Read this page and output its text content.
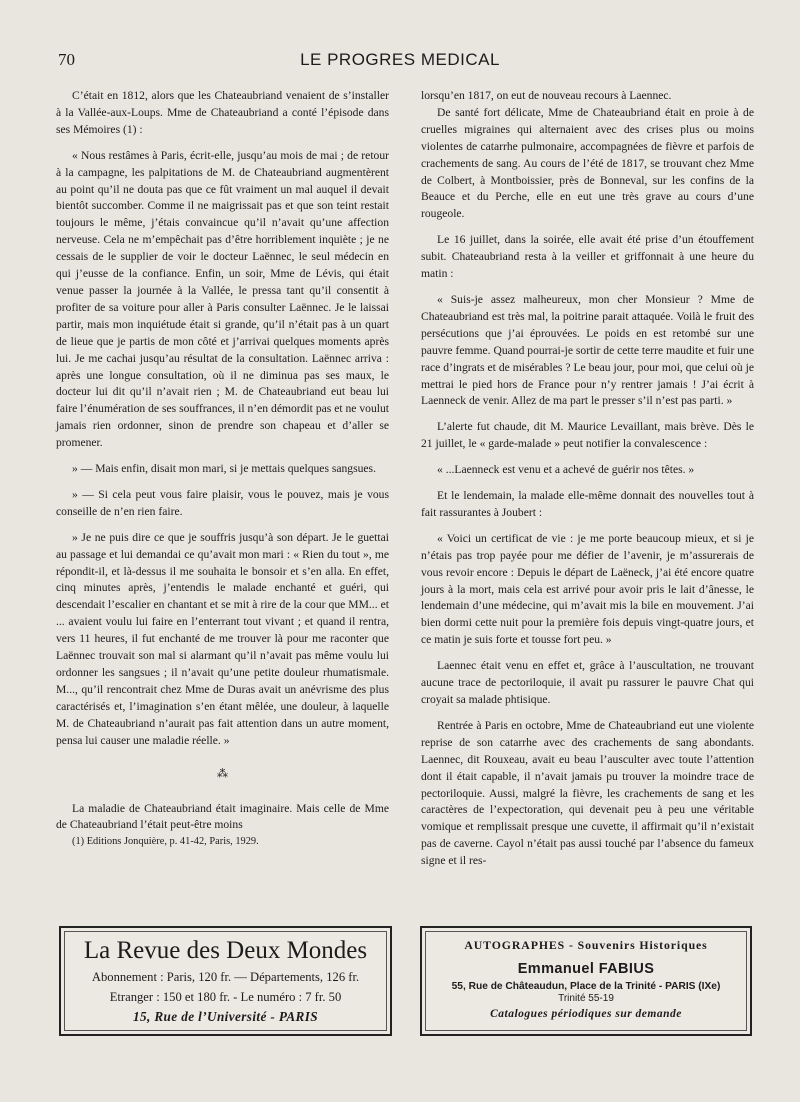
70	LE PROGRES MEDICAL

C’était en 1812, alors que les Chateaubriand venaient de s’installer à la Vallée-aux-Loups. Mme de Chateaubriand a conté l’épisode dans ses Mémoires (1) :

« Nous restâmes à Paris, écrit-elle, jusqu’au mois de mai ; de retour à la campagne, les palpitations de M. de Chateaubriand augmentèrent au point qu’il ne douta pas que ce fût vraiment un mal auquel il devait bientôt succomber. Comme il ne maigrissait pas et que son teint restait toujours le même, j’étais convaincue qu’il n’avait qu’une affection nerveuse. Cela ne m’empêchait pas d’être horriblement inquiète ; je ne cessais de le supplier de voir le docteur Laënnec, le seul médecin en qui j’eusse de la confiance. Enfin, un soir, Mme de Lévis, qui était venue passer la journée à la Vallée, le pressa tant qu’il consentit à profiter de sa voiture pour aller à Paris consulter Laënnec. Je le laissai partir, mais mon inquiétude était si grande, qu’il n’était pas à un quart de lieue que je partis de mon côté et j’arrivai quelques moments après lui. Je me cachai jusqu’au résultat de la consultation. Laënnec arriva : après une longue consultation, où il ne diminua pas ses maux, le docteur lui dit qu’il n’avait rien ; M. de Chateaubriand eut beau lui faire l’énumération de ses souffrances, il n’en démordit pas et ne voulut jamais rien ordonner, sinon de prendre son chapeau et d’aller se promener.

» — Mais enfin, disait mon mari, si je mettais quelques sangsues.

» — Si cela peut vous faire plaisir, vous le pouvez, mais je vous conseille de n’en rien faire.

» Je ne puis dire ce que je souffris jusqu’à son départ. Je le guettai au passage et lui demandai ce qu’avait mon mari : « Rien du tout », me répondit-il, et là-dessus il me souhaita le bonsoir et s’en alla. En effet, cinq minutes après, j’entendis le malade enchanté et guéri, qui descendait l’escalier en chantant et se mit à rire de la cour que MM... et ... avaient voulu lui faire en l’enterrant tout vivant ; et quand il rentra, vers 11 heures, il fut enchanté de me trouver là pour me raconter que Laënnec trouvait son mal si alarmant qu’il n’avait pas même voulu lui ordonner les sangsues ; il n’avait qu’une petite douleur rhumatismale. M..., qu’il rencontrait chez Mme de Duras avait un anévrisme des plus caractérisés et, l’imagination s’en étant mêlée, une douleur, à laquelle M. de Chateaubriand n’aurait pas fait attention dans un autre moment, pensa lui causer une maladie réelle. »

⁂

La maladie de Chateaubriand était imaginaire. Mais celle de Mme de Chateaubriand l’était peut-être moins

(1) Editions Jonquière, p. 41-42, Paris, 1929.

lorsqu’en 1817, on eut de nouveau recours à Laennec.

De santé fort délicate, Mme de Chateaubriand était en proie à de cruelles migraines qui alternaient avec des crises plus ou moins violentes de catarrhe pulmonaire, accompagnées de fièvre et parfois de crachements de sang. Au cours de l’été de 1817, se trouvant chez Mme de Colbert, à Montboissier, près de Bonneval, sur les confins de la Beauce et du Perche, elle en eut une très grave au cours d’une rougeole.

Le 16 juillet, dans la soirée, elle avait été prise d’un étouffement subit. Chateaubriand resta à la veiller et griffonnait à une heure du matin :

« Suis-je assez malheureux, mon cher Monsieur ? Mme de Chateaubriand est très mal, la poitrine parait attaquée. Voilà le fruit des persécutions que j’ai éprouvées. Le poids en est retombé sur une pauvre femme. Quand pourrai-je sortir de cette terre maudite et fuir une race d’ingrats et de misérables ? Le beau jour, pour moi, que celui où je mettrai le pied hors de France pour n’y rentrer jamais ! J’ai écrit à Laenneck de venir. Allez de ma part le presser s’il n’est pas parti. »

L’alerte fut chaude, dit M. Maurice Levaillant, mais brève. Dès le 21 juillet, le « garde-malade » peut notifier la convalescence :

« ...Laenneck est venu et a achevé de guérir nos têtes. »

Et le lendemain, la malade elle-même donnait des nouvelles tout à fait rassurantes à Joubert :

« Voici un certificat de vie : je me porte beaucoup mieux, et si je n’étais pas trop payée pour me défier de l’avenir, je m’assurerais de vous revoir encore : Depuis le départ de Laëneck, j’ai été encore quatre jours à la mort, mais cela est arrivé pour avoir pris le lait d’ânesse, le lendemain d’une médecine, qui m’avait mis la bile en mouvement. J’ai bien dormi cette nuit pour la première fois depuis vingt-quatre jours, et ce matin je suis forte et tousse fort peu. »

Laennec était venu en effet et, grâce à l’auscultation, ne trouvant aucune trace de pectoriloquie, il avait pu rassurer le pauvre Chat qui croyait sa malade phtisique.

Rentrée à Paris en octobre, Mme de Chateaubriand eut une violente reprise de son catarrhe avec des crachements de sang abondants. Laennec, dit Rouxeau, avait eu beau l’ausculter avec toute l’attention dont il était capable, il n’avait jamais pu trouver la moindre trace de pectoriloquie. Aussi, malgré la fièvre, les crachements de sang et les caractères de l’expectoration, qui devenait peu à peu une véritable vomique et remplissait presque une cuvette, il affirmait qu’il n’existait pas de caverne. Cayol n’était pas aussi touché par l’absence du fameux signe et il res-

La Revue des Deux Mondes
Abonnement : Paris, 120 fr. — Départements, 126 fr.
Etranger : 150 et 180 fr. - Le numéro : 7 fr. 50
15, Rue de l’Université - PARIS
AUTOGRAPHES - Souvenirs Historiques
Emmanuel FABIUS
55, Rue de Châteaudun, Place de la Trinité - PARIS (IXe)
Trinité 55-19
Catalogues périodiques sur demande
